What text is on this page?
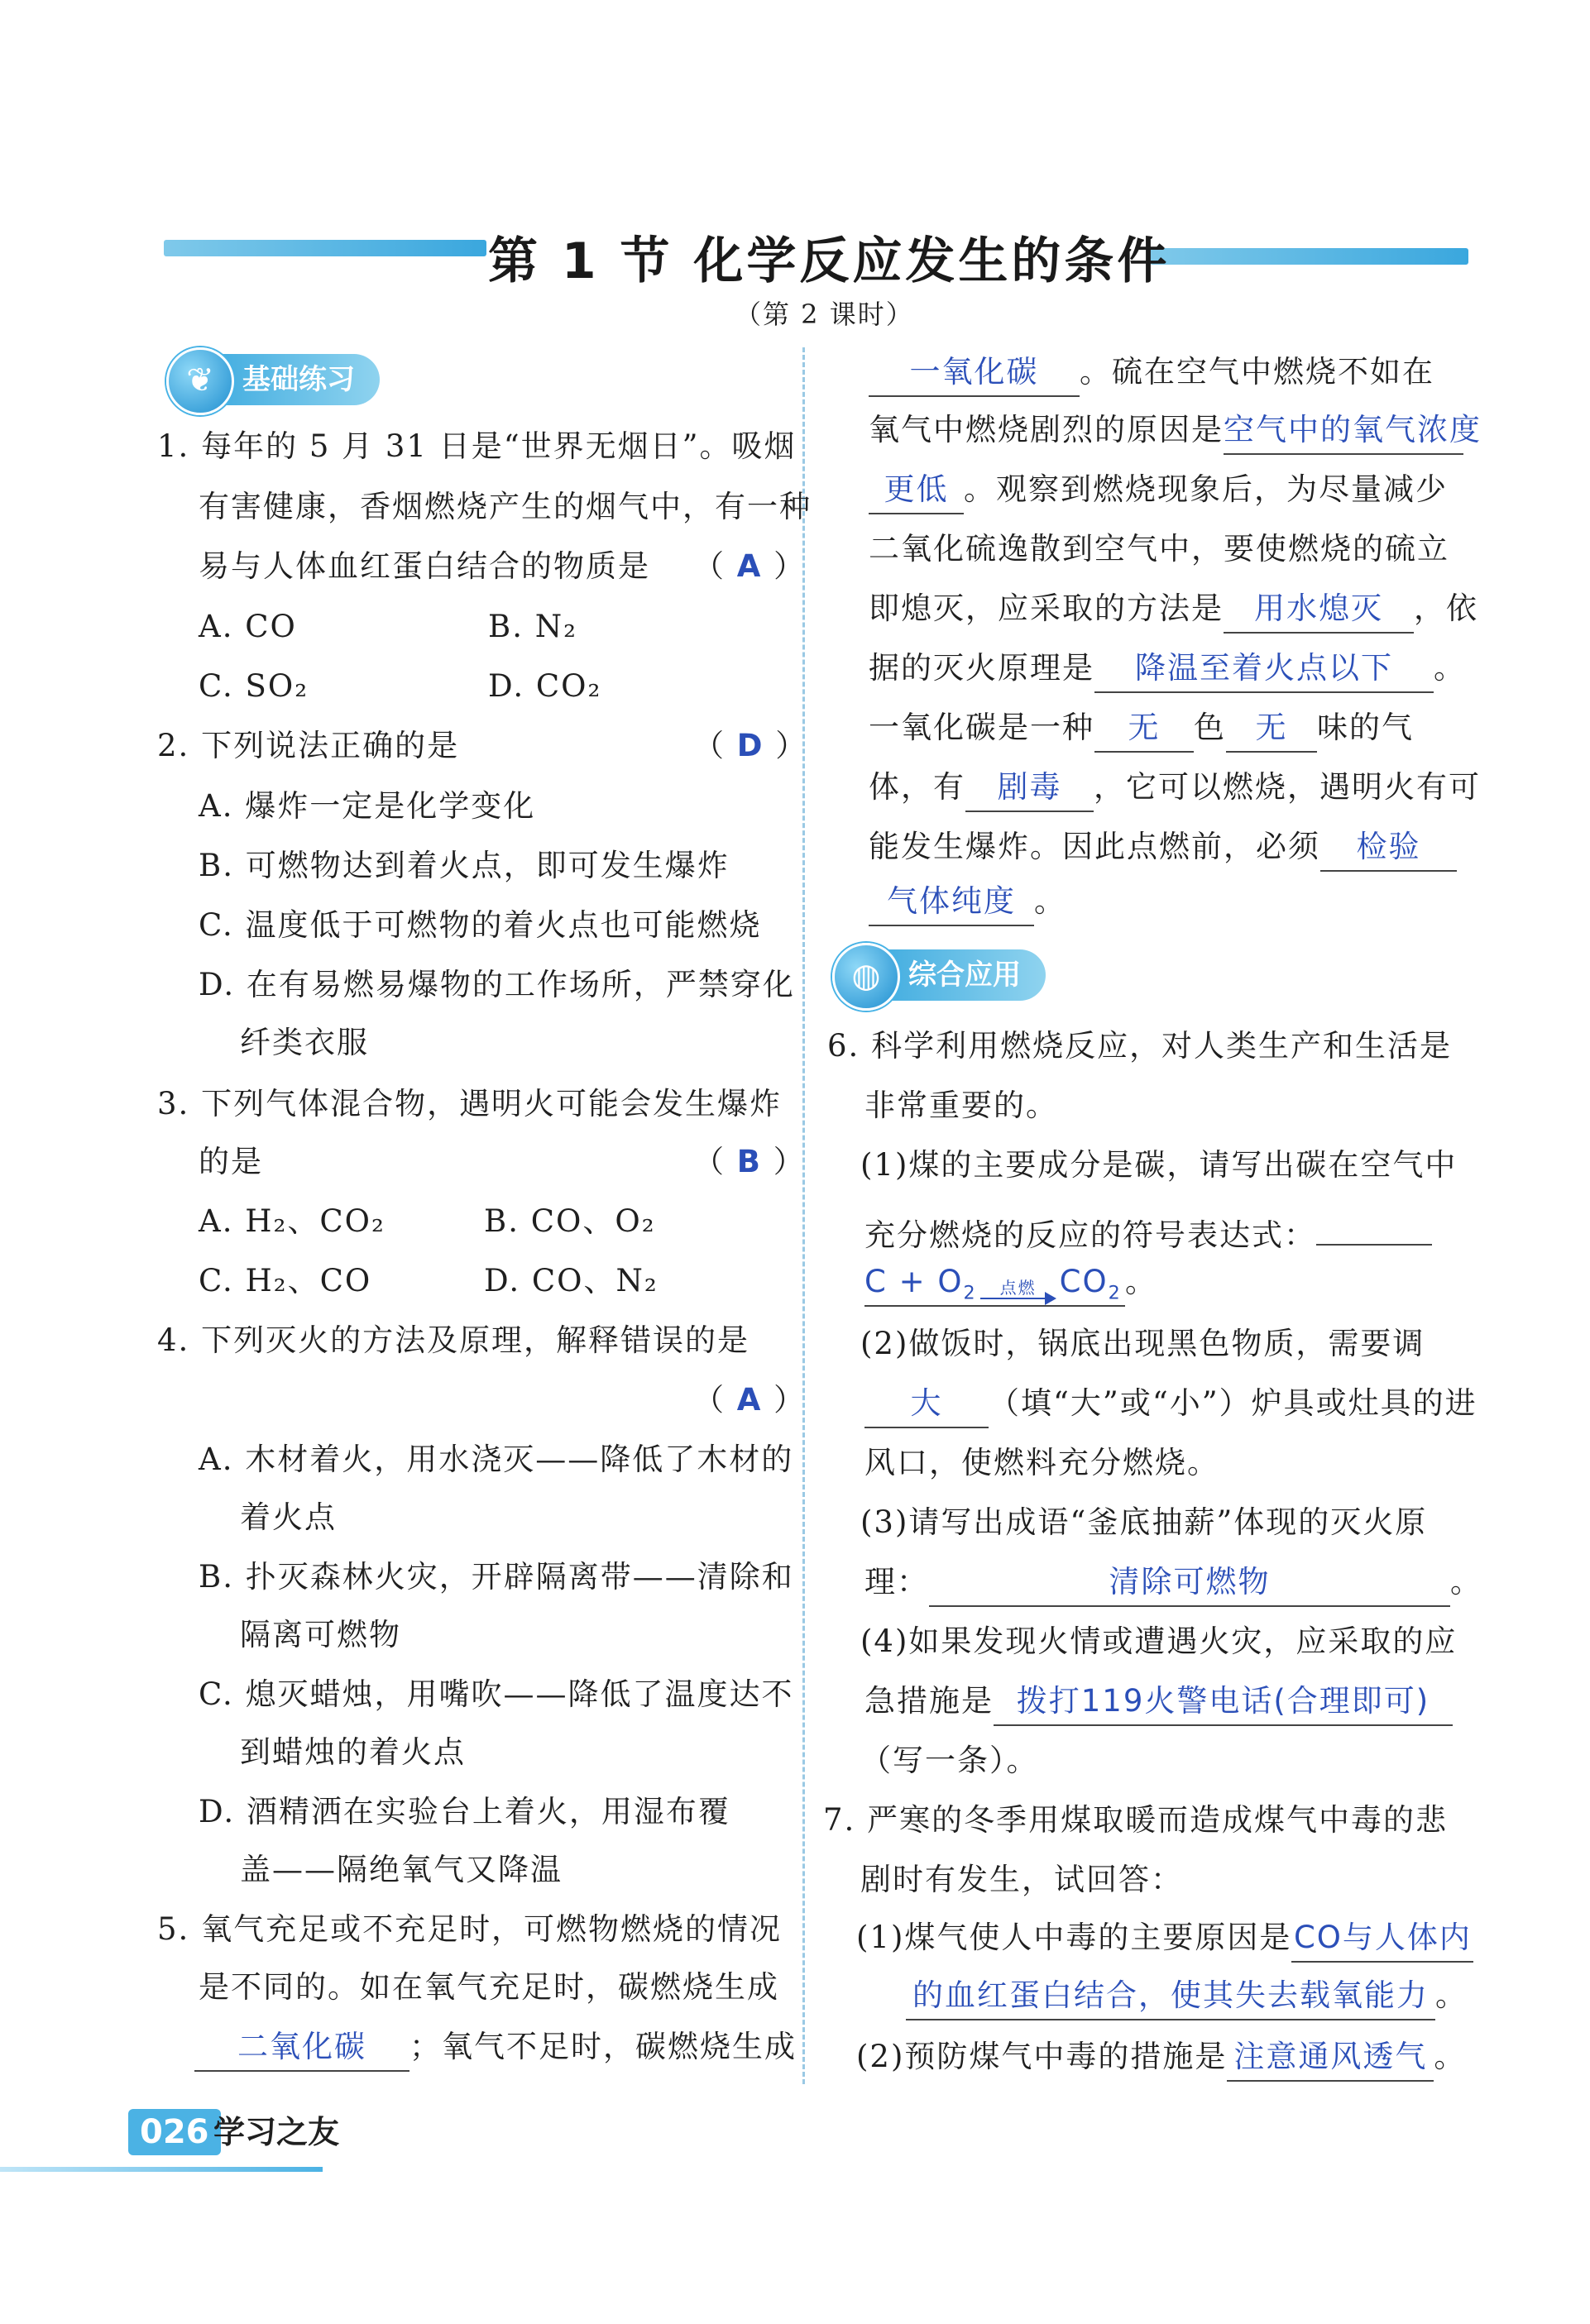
第 1 节 化学反应发生的条件
（第 2 课时）
❦	基础练习
◍ 综合应用
1. 每年的 5 月 31 日是“世界无烟日”。吸烟
有害健康，香烟燃烧产生的烟气中，有一种
易与人体血红蛋白结合的物质是 （ A ）
A. CO	B. N₂
C. SO₂	D. CO₂
2. 下列说法正确的是	（ D ）
A. 爆炸一定是化学变化
B. 可燃物达到着火点，即可发生爆炸
C. 温度低于可燃物的着火点也可能燃烧
D. 在有易燃易爆物的工作场所，严禁穿化
纤类衣服
3. 下列气体混合物，遇明火可能会发生爆炸
的是	（ B ）
A. H₂、CO₂	B. CO、O₂
C. H₂、CO	D. CO、N₂
4. 下列灭火的方法及原理，解释错误的是
（ A ）
A. 木材着火，用水浇灭——降低了木材的
着火点
B. 扑灭森林火灾，开辟隔离带——清除和
隔离可燃物
C. 熄灭蜡烛，用嘴吹——降低了温度达不
到蜡烛的着火点
D. 酒精洒在实验台上着火，用湿布覆
盖——隔绝氧气又降温
5. 氧气充足或不充足时，可燃物燃烧的情况
是不同的。如在氧气充足时，碳燃烧生成
二氧化碳 ；氧气不足时，碳燃烧生成
一氧化碳 。硫在空气中燃烧不如在
氧气中燃烧剧烈的原因是空气中的氧气浓度
更低 。观察到燃烧现象后，为尽量减少
二氧化硫逸散到空气中，要使燃烧的硫立
即熄灭，应采取的方法是 用水熄灭 ，依
据的灭火原理是 降温至着火点以下 。
一氧化碳是一种 无 色 无 味的气
体，有 剧毒 ，它可以燃烧，遇明火有可
能发生爆炸。因此点燃前，必须 检验
气体纯度 。
6. 科学利用燃烧反应，对人类生产和生活是
非常重要的。
(1)煤的主要成分是碳，请写出碳在空气中
充分燃烧的反应的符号表达式：
$C + O_2$	点燃 $CO_2$ 。
(2)做饭时，锅底出现黑色物质，需要调
大 （填“大”或“小”）炉具或灶具的进
风口，使燃料充分燃烧。
(3)请写出成语“釜底抽薪”体现的灭火原
理：	清除可燃物	。
(4)如果发现火情或遭遇火灾，应采取的应
急措施是 拨打119火警电话(合理即可)
（写一条）。
7. 严寒的冬季用煤取暖而造成煤气中毒的悲
剧时有发生，试回答：
(1)煤气使人中毒的主要原因是CO与人体内
的血红蛋白结合，使其失去载氧能力 。
(2)预防煤气中毒的措施是 注意通风透气 。
026 学习之友
